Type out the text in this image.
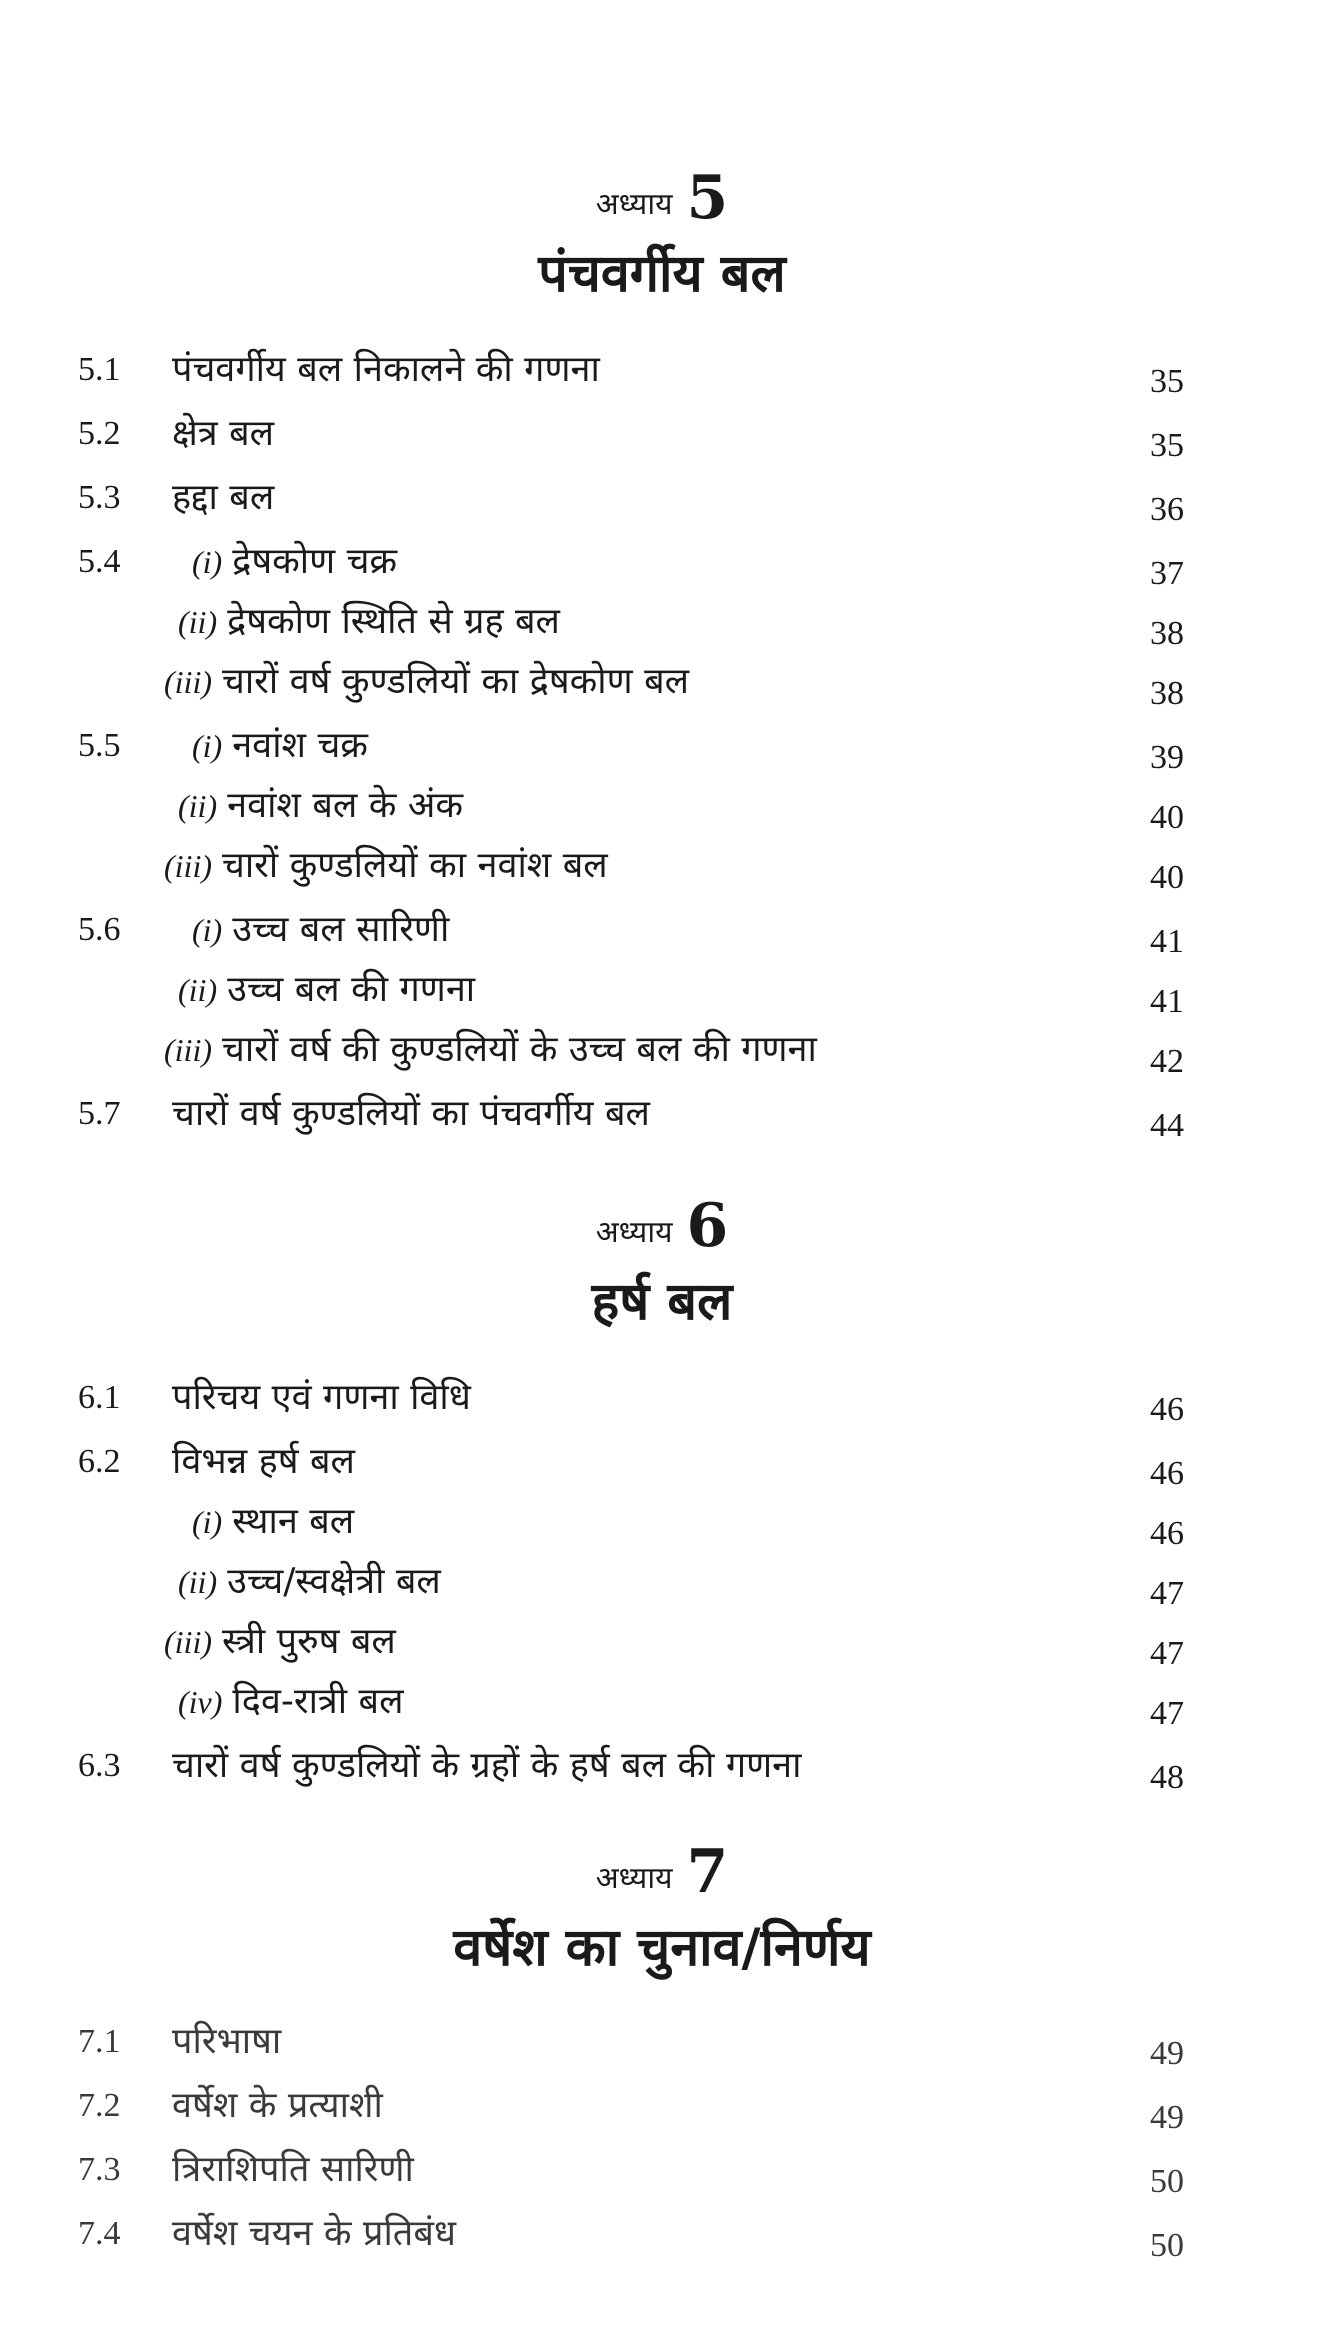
अध्याय 5
पंचवर्गीय बल
5.1 पंचवर्गीय बल निकालने की गणना	35
5.2 क्षेत्र बल	35
5.3 हद्दा बल	36
5.4 (i) द्रेषकोण चक्र	37
(ii) द्रेषकोण स्थिति से ग्रह बल	38
(iii) चारों वर्ष कुण्डलियों का द्रेषकोण बल	38
5.5 (i) नवांश चक्र	39
(ii) नवांश बल के अंक	40
(iii) चारों कुण्डलियों का नवांश बल	40
5.6 (i) उच्च बल सारिणी	41
(ii) उच्च बल की गणना	41
(iii) चारों वर्ष की कुण्डलियों के उच्च बल की गणना	42
5.7 चारों वर्ष कुण्डलियों का पंचवर्गीय बल	44
अध्याय 6
हर्ष बल
6.1 परिचय एवं गणना विधि	46
6.2 विभन्न हर्ष बल	46
(i) स्थान बल	46
(ii) उच्च/स्वक्षेत्री बल	47
(iii) स्त्री पुरुष बल	47
(iv) दिव-रात्री बल	47
6.3 चारों वर्ष कुण्डलियों के ग्रहों के हर्ष बल की गणना	48
अध्याय 7
वर्षेश का चुनाव/निर्णय
7.1 परिभाषा	49
7.2 वर्षेश के प्रत्याशी	49
7.3 त्रिराशिपति सारिणी	50
7.4 वर्षेश चयन के प्रतिबंध	50
